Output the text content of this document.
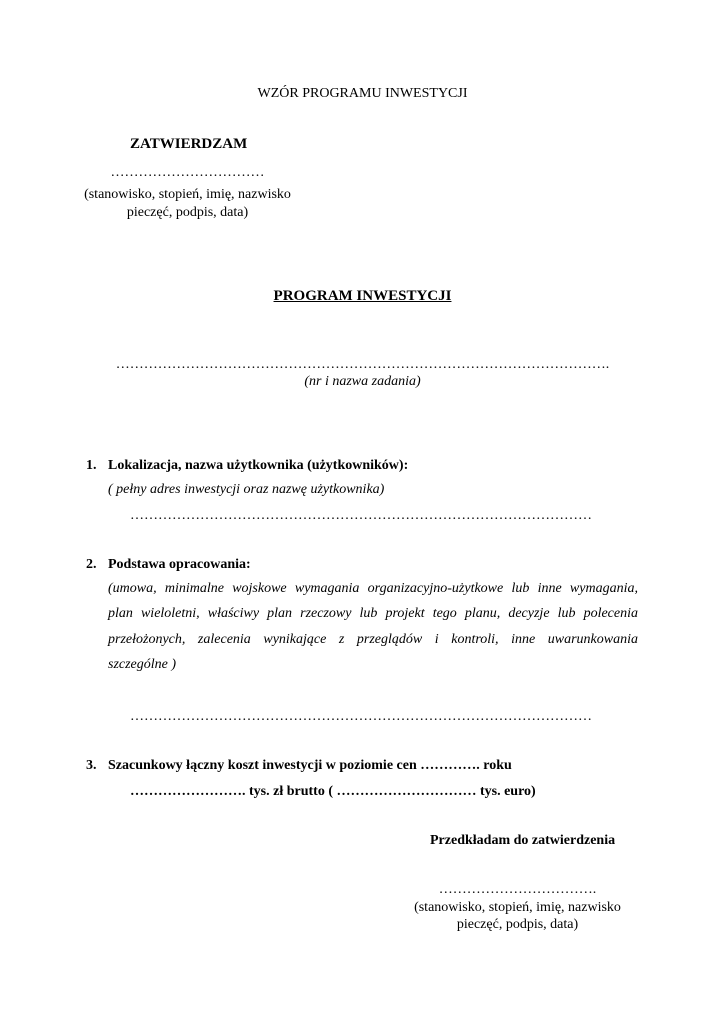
WZÓR PROGRAMU INWESTYCJI
ZATWIERDZAM
……………………………
(stanowisko, stopień, imię, nazwisko
pieczęć, podpis, data)
PROGRAM INWESTYCJI
…………………………………………………………………………………………….
(nr i nazwa zadania)
1. Lokalizacja, nazwa użytkownika (użytkowników):
( pełny adres inwestycji oraz nazwę użytkownika)
………………………………………………………………………………………
2. Podstawa opracowania:
(umowa, minimalne wojskowe wymagania organizacyjno-użytkowe lub inne wymagania,
plan wieloletni, właściwy plan rzeczowy lub projekt tego planu, decyzje lub polecenia
przełożonych, zalecenia wynikające z przeglądów i kontroli, inne uwarunkowania
szczególne )
………………………………………………………………………………………
3. Szacunkowy łączny koszt inwestycji w poziomie cen …………. roku
……………………. tys. zł brutto ( ………………………… tys. euro)
Przedkładam do zatwierdzenia
…………………………….
(stanowisko, stopień, imię, nazwisko
pieczęć, podpis, data)
